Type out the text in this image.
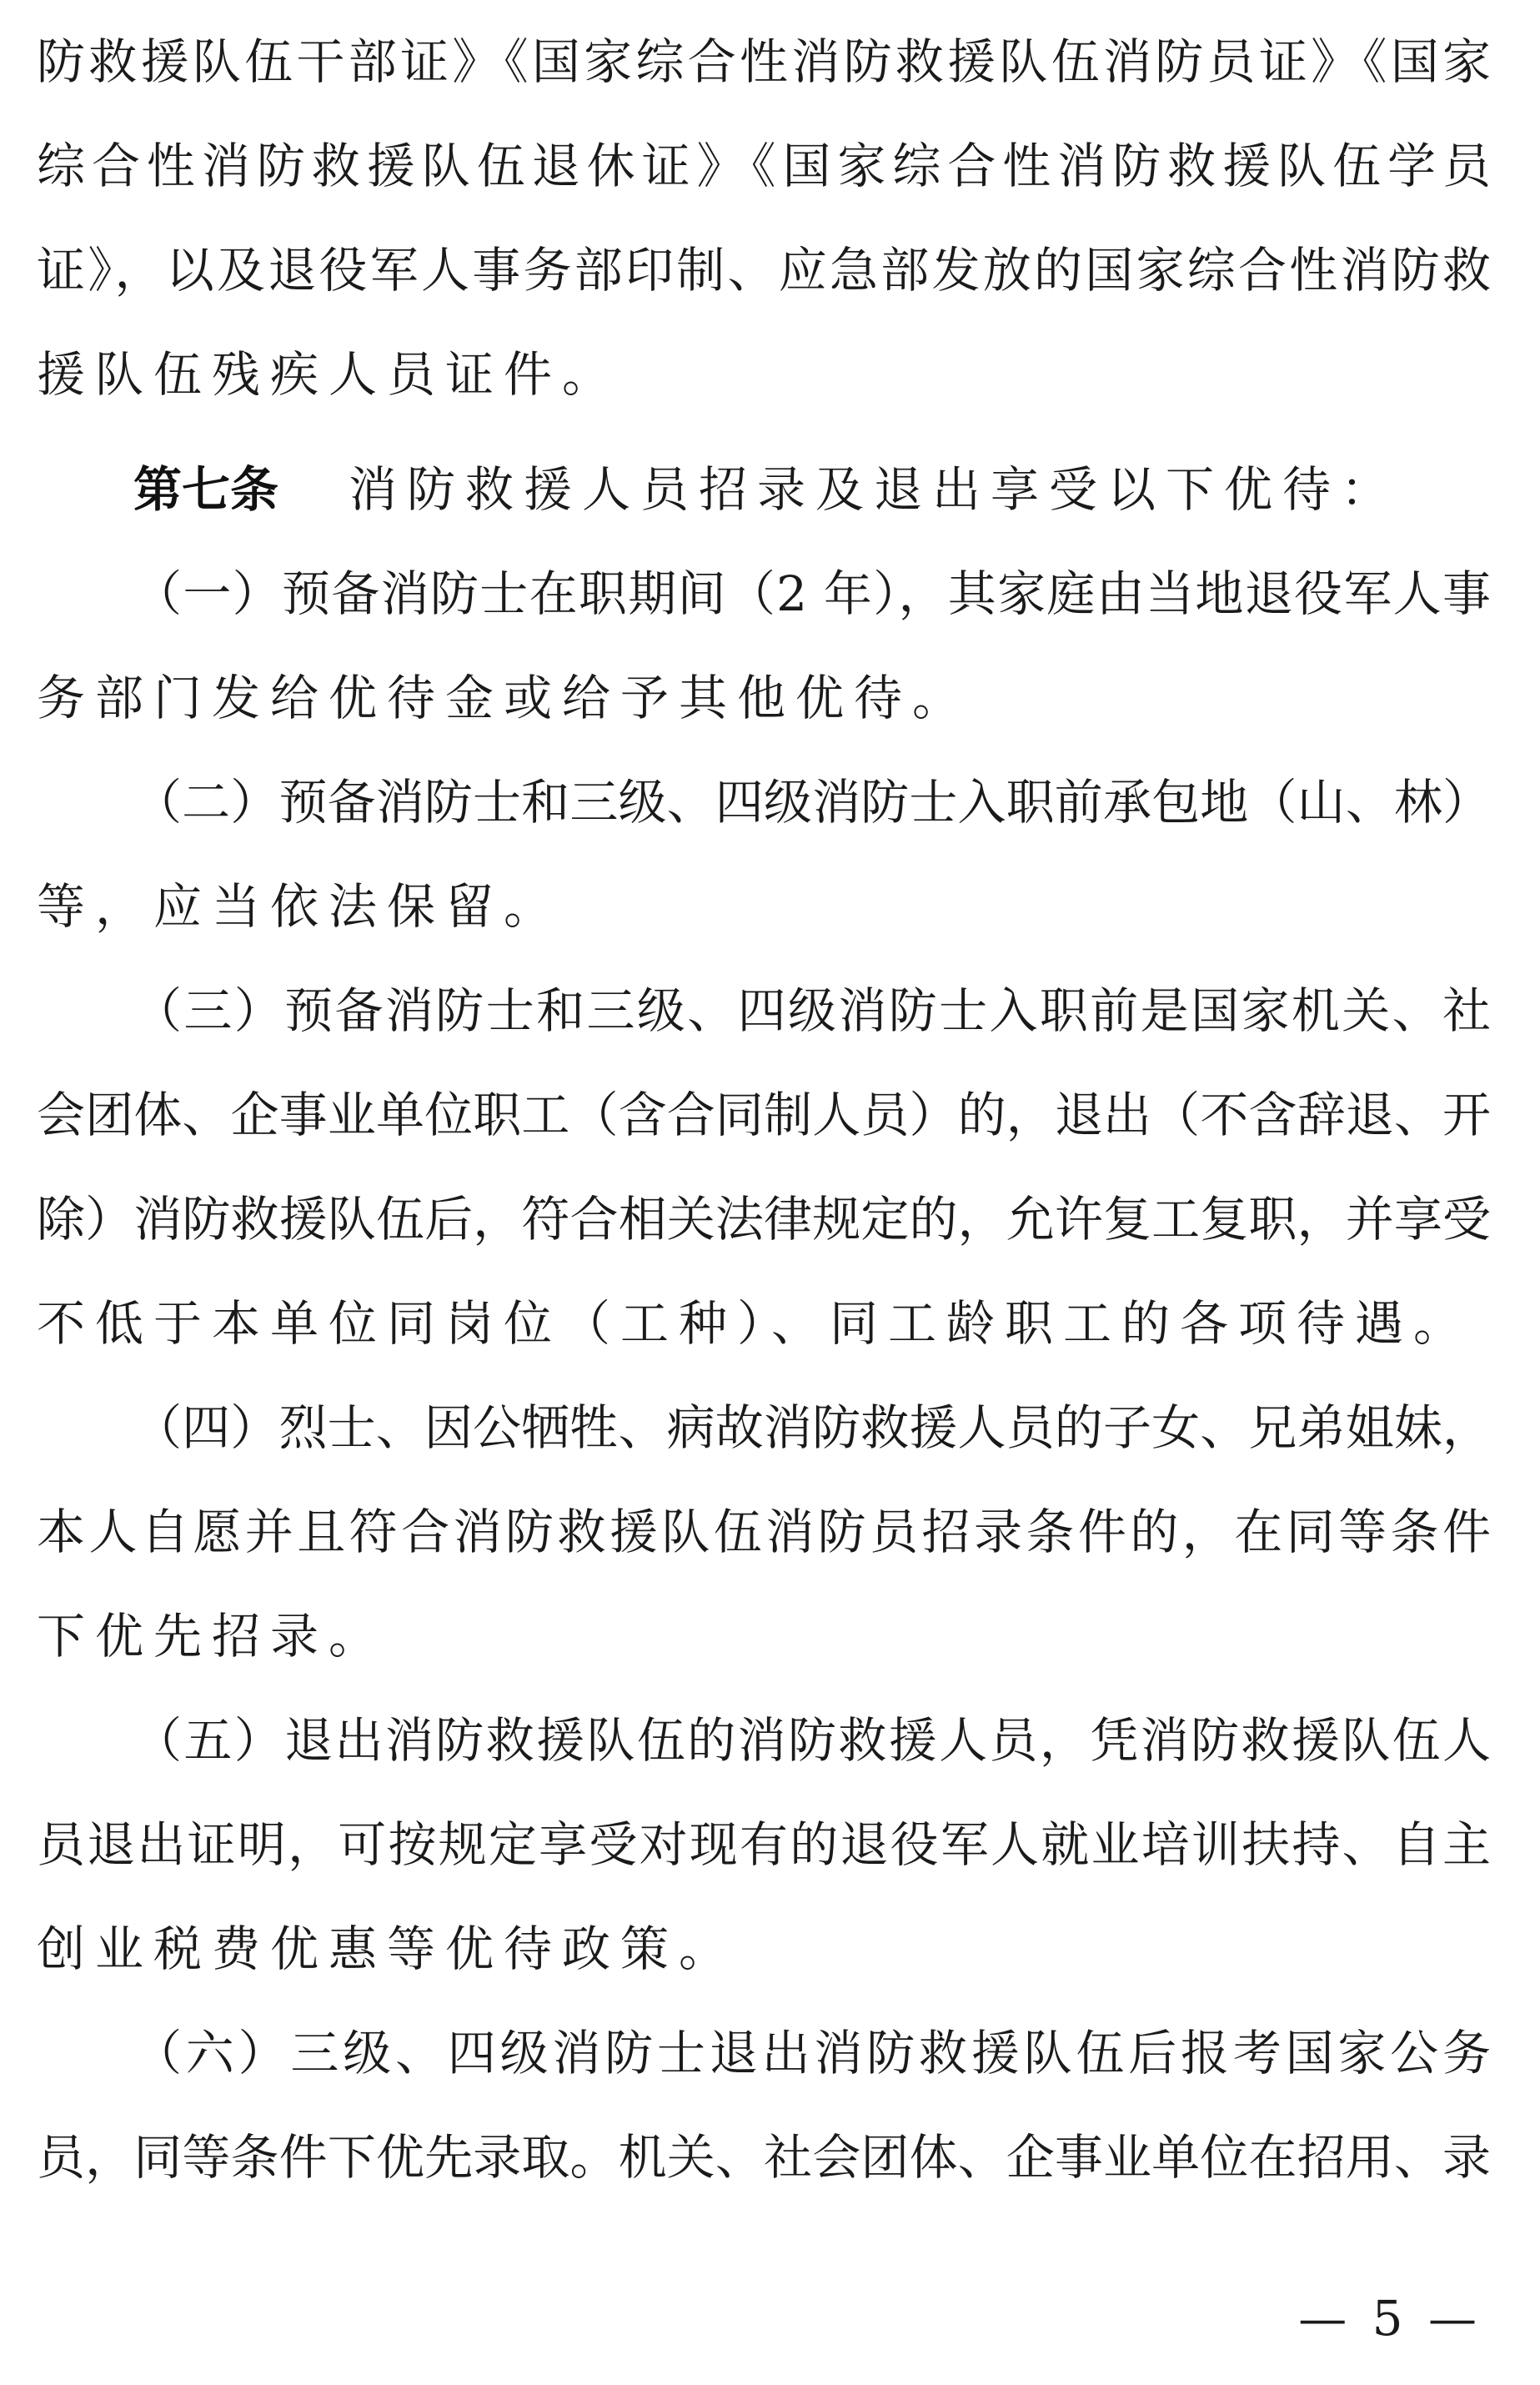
防救援队伍干部证》《国家综合性消防救援队伍消防员证》《国家
综合性消防救援队伍退休证》《国家综合性消防救援队伍学员
证》，以及退役军人事务部印制、应急部发放的国家综合性消防救
援队伍残疾人员证件。
第七条 消防救援人员招录及退出享受以下优待：
（一）预备消防士在职期间（2 年），其家庭由当地退役军人事
务部门发给优待金或给予其他优待。
（二）预备消防士和三级、四级消防士入职前承包地（山、林）
等，应当依法保留。
（三）预备消防士和三级、四级消防士入职前是国家机关、社
会团体、企事业单位职工（含合同制人员）的，退出（不含辞退、开
除）消防救援队伍后，符合相关法律规定的，允许复工复职，并享受
不低于本单位同岗位（工种）、同工龄职工的各项待遇。
（四）烈士、因公牺牲、病故消防救援人员的子女、兄弟姐妹，
本人自愿并且符合消防救援队伍消防员招录条件的，在同等条件
下优先招录。
（五）退出消防救援队伍的消防救援人员，凭消防救援队伍人
员退出证明，可按规定享受对现有的退役军人就业培训扶持、自主
创业税费优惠等优待政策。
（六）三级、四级消防士退出消防救援队伍后报考国家公务
员，同等条件下优先录取。机关、社会团体、企事业单位在招用、录
— 5 —
